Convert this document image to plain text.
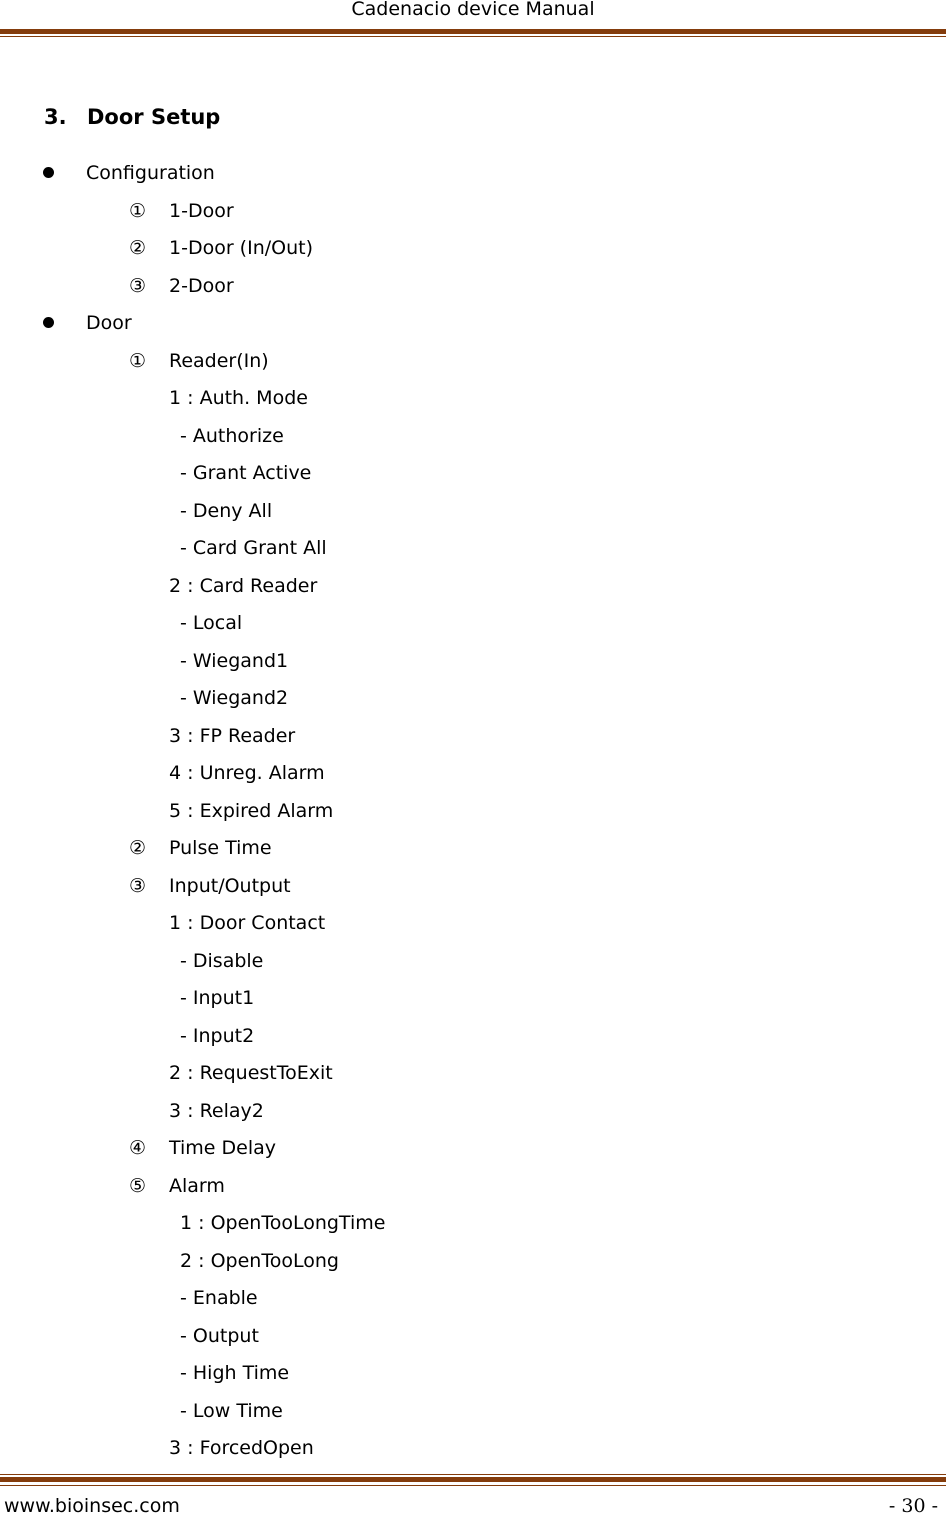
Cadenacio device Manual
3. Door Setup
Configuration
① 1-Door
② 1-Door (In/Out)
③ 2-Door
Door
① Reader(In)
1 : Auth. Mode
- Authorize
- Grant Active
- Deny All
- Card Grant All
2 : Card Reader
- Local
- Wiegand1
- Wiegand2
3 : FP Reader
4 : Unreg. Alarm
5 : Expired Alarm
② Pulse Time
③ Input/Output
1 : Door Contact
- Disable
- Input1
- Input2
2 : RequestToExit
3 : Relay2
④ Time Delay
⑤ Alarm
1 : OpenTooLongTime
2 : OpenTooLong
- Enable
- Output
- High Time
- Low Time
3 : ForcedOpen
www.bioinsec.com	- 30 -
